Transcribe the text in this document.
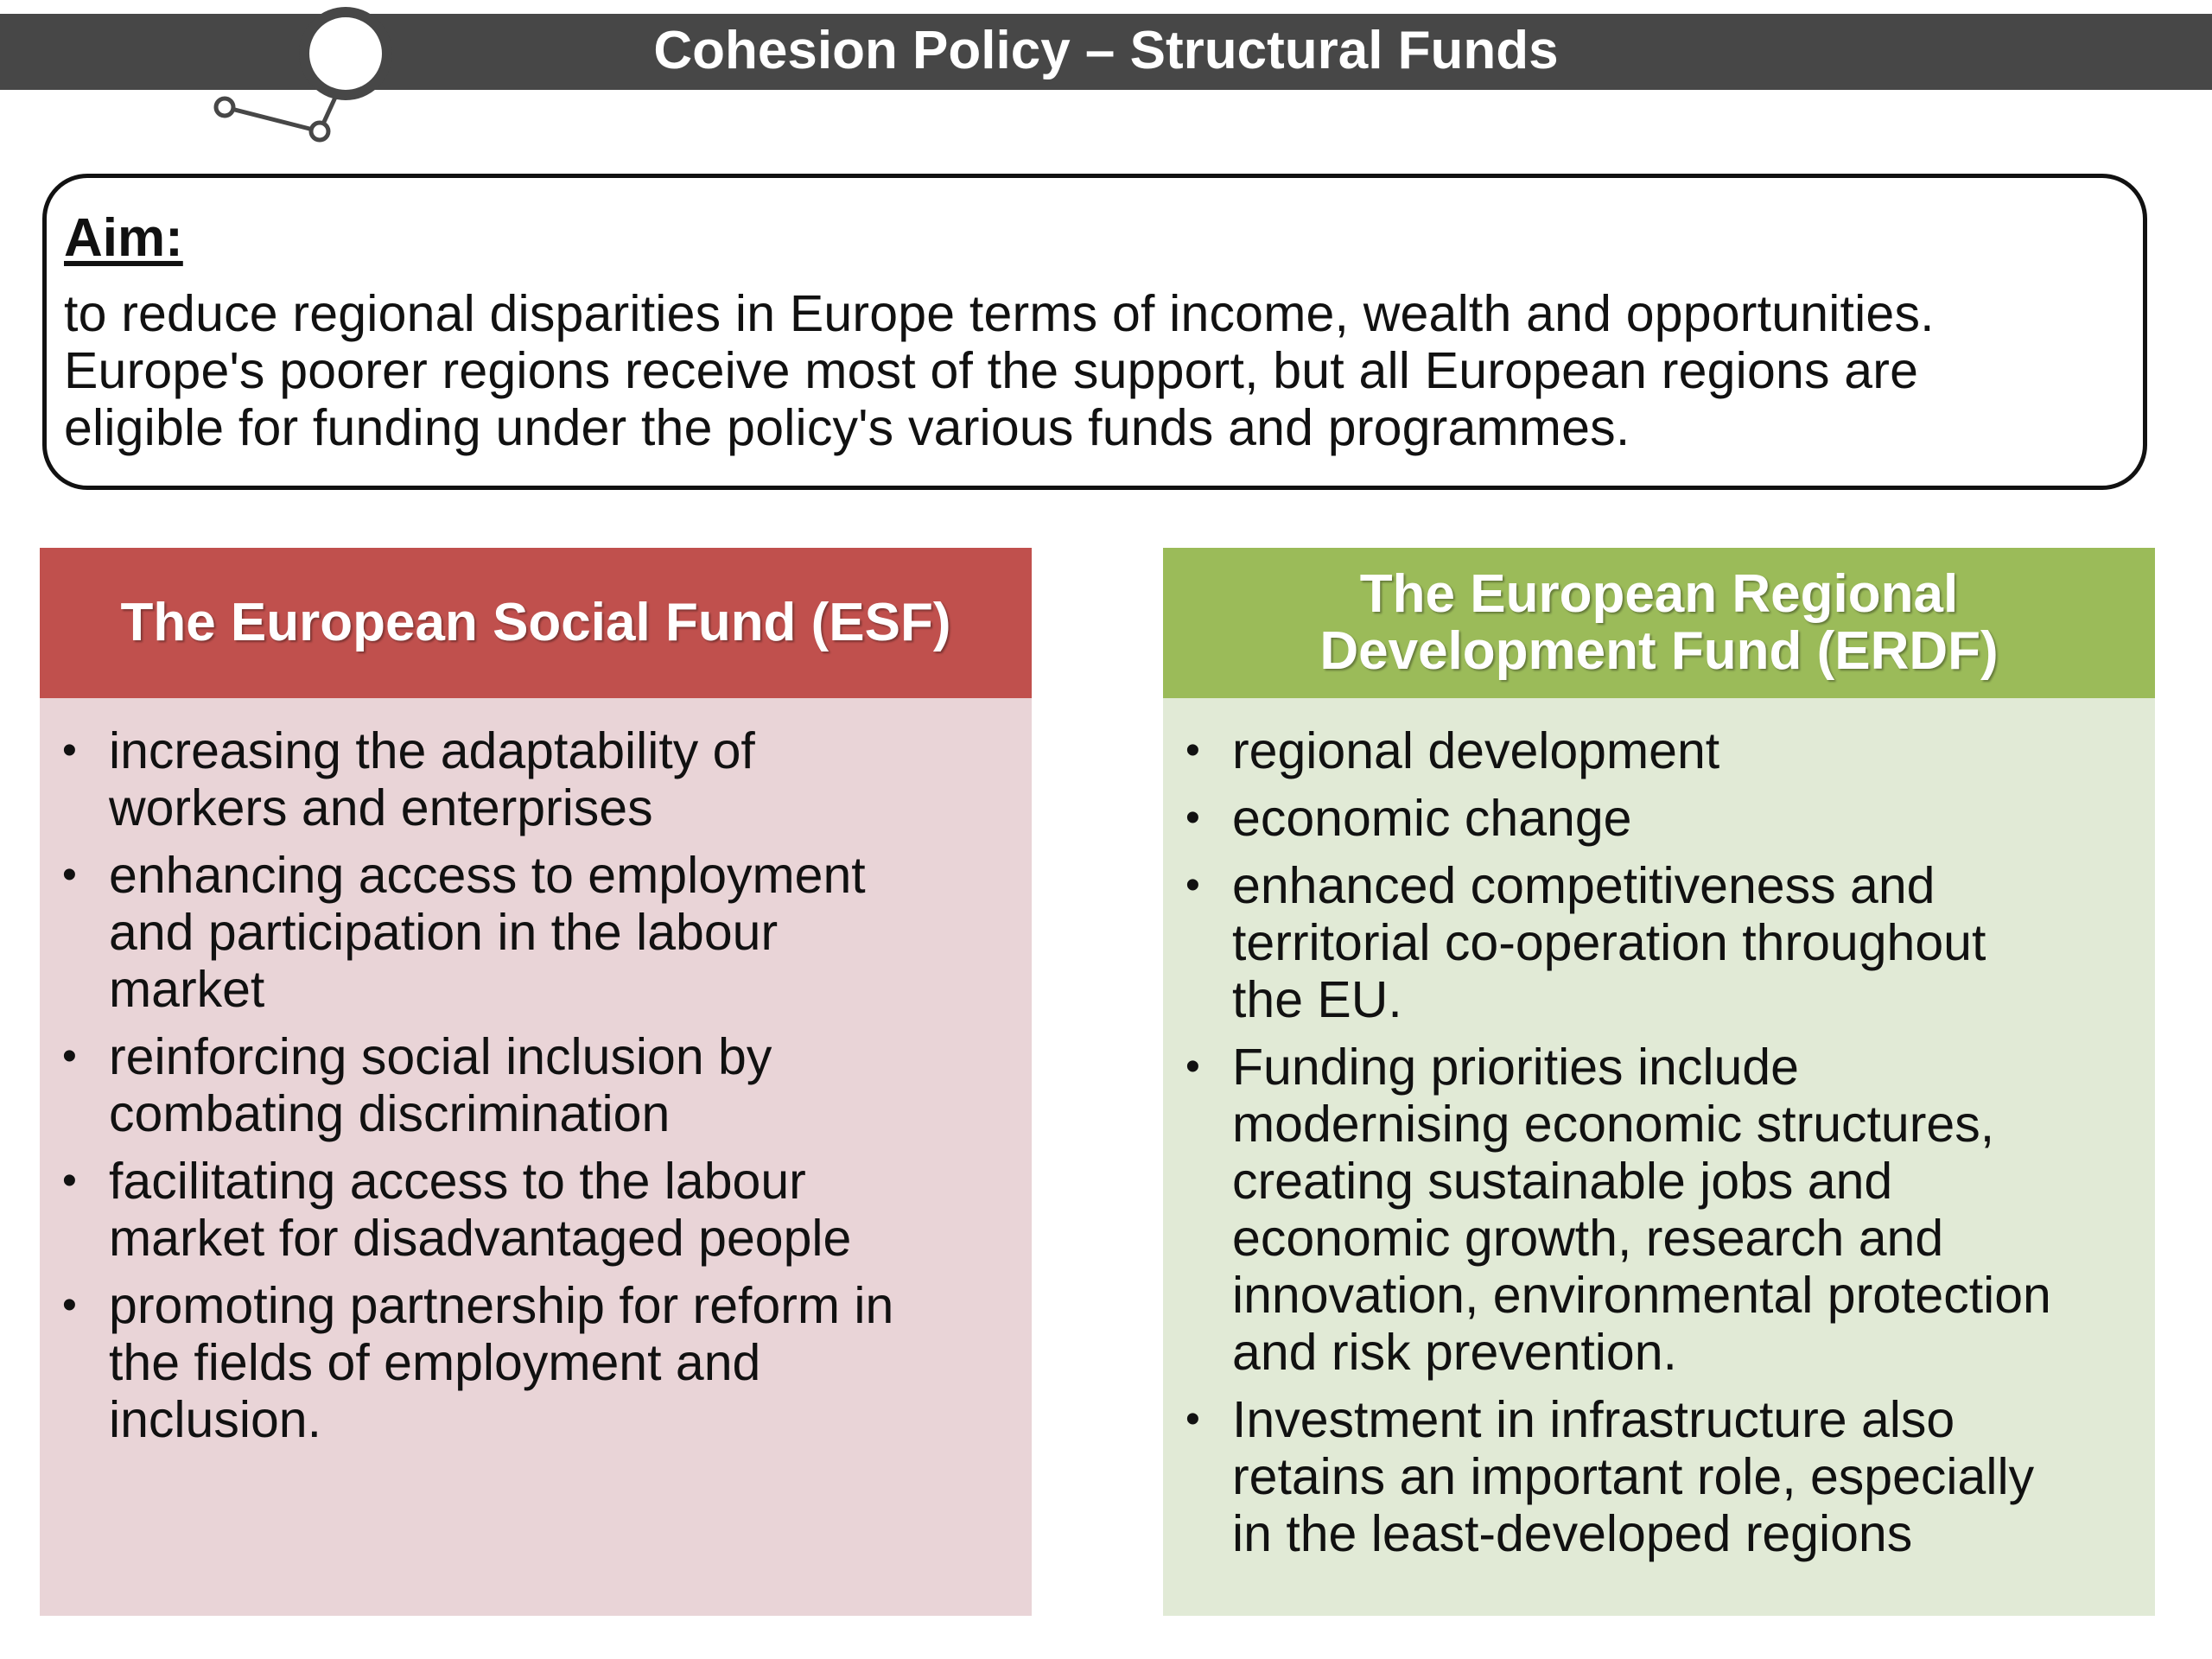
Cohesion Policy – Structural Funds
Aim:
to reduce regional disparities in Europe terms of income, wealth and opportunities.
Europe's poorer regions receive most of the support, but all European regions are
eligible for funding under the policy's various funds and programmes.
The European Social Fund (ESF)
• increasing the adaptability of
workers and enterprises
• enhancing access to employment
and participation in the labour
market
• reinforcing social inclusion by
combating discrimination
• facilitating access to the labour
market for disadvantaged people
• promoting partnership for reform in
the fields of employment and
inclusion.
The European Regional
Development Fund (ERDF)
• regional development
• economic change
• enhanced competitiveness and
territorial co-operation throughout
the EU.
• Funding priorities include
modernising economic structures,
creating sustainable jobs and
economic growth, research and
innovation, environmental protection
and risk prevention.
• Investment in infrastructure also
retains an important role, especially
in the least-developed regions
